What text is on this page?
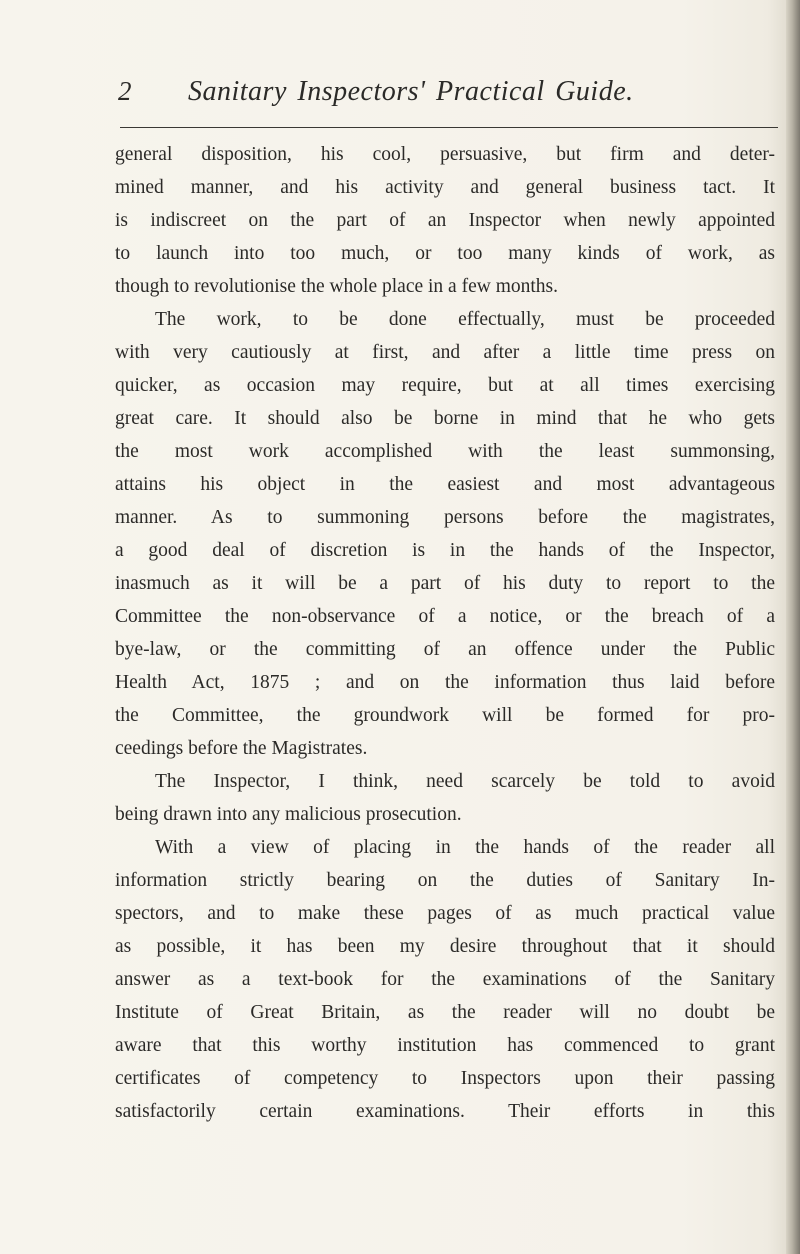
2	Sanitary Inspectors' Practical Guide.
general disposition, his cool, persuasive, but firm and deter-
mined manner, and his activity and general business tact. It
is indiscreet on the part of an Inspector when newly appointed
to launch into too much, or too many kinds of work, as
though to revolutionise the whole place in a few months.
The work, to be done effectually, must be proceeded
with very cautiously at first, and after a little time press on
quicker, as occasion may require, but at all times exercising
great care. It should also be borne in mind that he who gets
the most work accomplished with the least summonsing,
attains his object in the easiest and most advantageous
manner. As to summoning persons before the magistrates,
a good deal of discretion is in the hands of the Inspector,
inasmuch as it will be a part of his duty to report to the
Committee the non-observance of a notice, or the breach of a
bye-law, or the committing of an offence under the Public
Health Act, 1875 ; and on the information thus laid before
the Committee, the groundwork will be formed for pro-
ceedings before the Magistrates.
The Inspector, I think, need scarcely be told to avoid
being drawn into any malicious prosecution.
With a view of placing in the hands of the reader all
information strictly bearing on the duties of Sanitary In-
spectors, and to make these pages of as much practical value
as possible, it has been my desire throughout that it should
answer as a text-book for the examinations of the Sanitary
Institute of Great Britain, as the reader will no doubt be
aware that this worthy institution has commenced to grant
certificates of competency to Inspectors upon their passing
satisfactorily certain examinations. Their efforts in this
